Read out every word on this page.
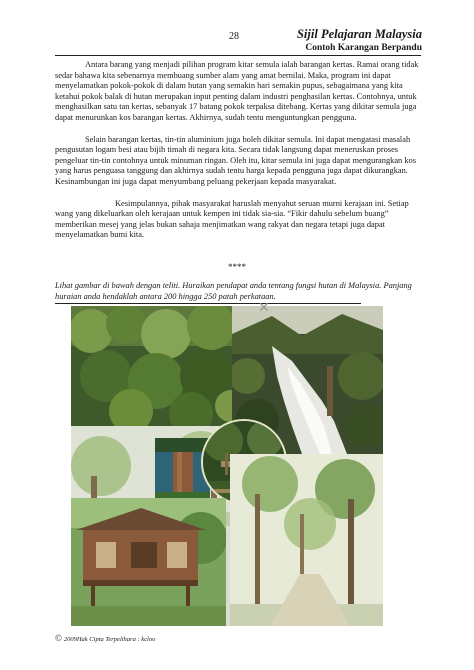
28	Sijil Pelajaran Malaysia
Contoh Karangan Berpandu

Antara barang yang menjadi pilihan program kitar semula ialah barangan kertas. Ramai orang tidak sedar bahawa kita sebenarnya membuang sumber alam yang amat bernilai. Maka, program ini dapat menyelamatkan pokok-pokok di dalam hutan yang semakin hari semakin pupus, sebagaimana yang kita ketahui pokok balak di hutan merupakan input penting dalam industri penghasilan kertas. Contohnya, untuk menghasilkan satu tan kertas, sebanyak 17 batang pokok terpaksa ditebang. Kertas yang dikitar semula juga dapat menurunkan kos barangan kertas. Akhirnya, sudah tentu menguntungkan pengguna.

Selain barangan kertas, tin-tin aluminium juga boleh dikitar semula. Ini dapat mengatasi masalah pengusutan logam besi atau bijih timah di negara kita. Secara tidak langsung dapat meneruskan proses pengeluar tin-tin contohnya untuk minuman ringan. Oleh itu, kitar semula ini juga dapat mengurangkan kos yang harus penguasa tanggung dan akhirnya sudah tentu harga kepada pengguna juga dapat dikurangkan. Kesinambungan ini juga dapat menyumbang peluang pekerjaan kepada masyarakat.

Kesimpulannya, pihak masyarakat haruslah menyahut seruan murni kerajaan ini. Setiap wang yang dikeluarkan oleh kerajaan untuk kempen ini tidak sia-sia. “Fikir dahulu sebelum buang” memberikan mesej yang jelas bukan sahaja menjimatkan wang rakyat dan negara tetapi juga dapat menyelamatkan bumi kita.

****
Lihat gambar di bawah dengan teliti. Huraikan pendapat anda tentang fungsi hutan di Malaysia. Panjang huraian anda hendaklah antara 200 hingga 250 patah perkataan.
✕
© 2009Hak Cipta Terpelihara : kcloo
